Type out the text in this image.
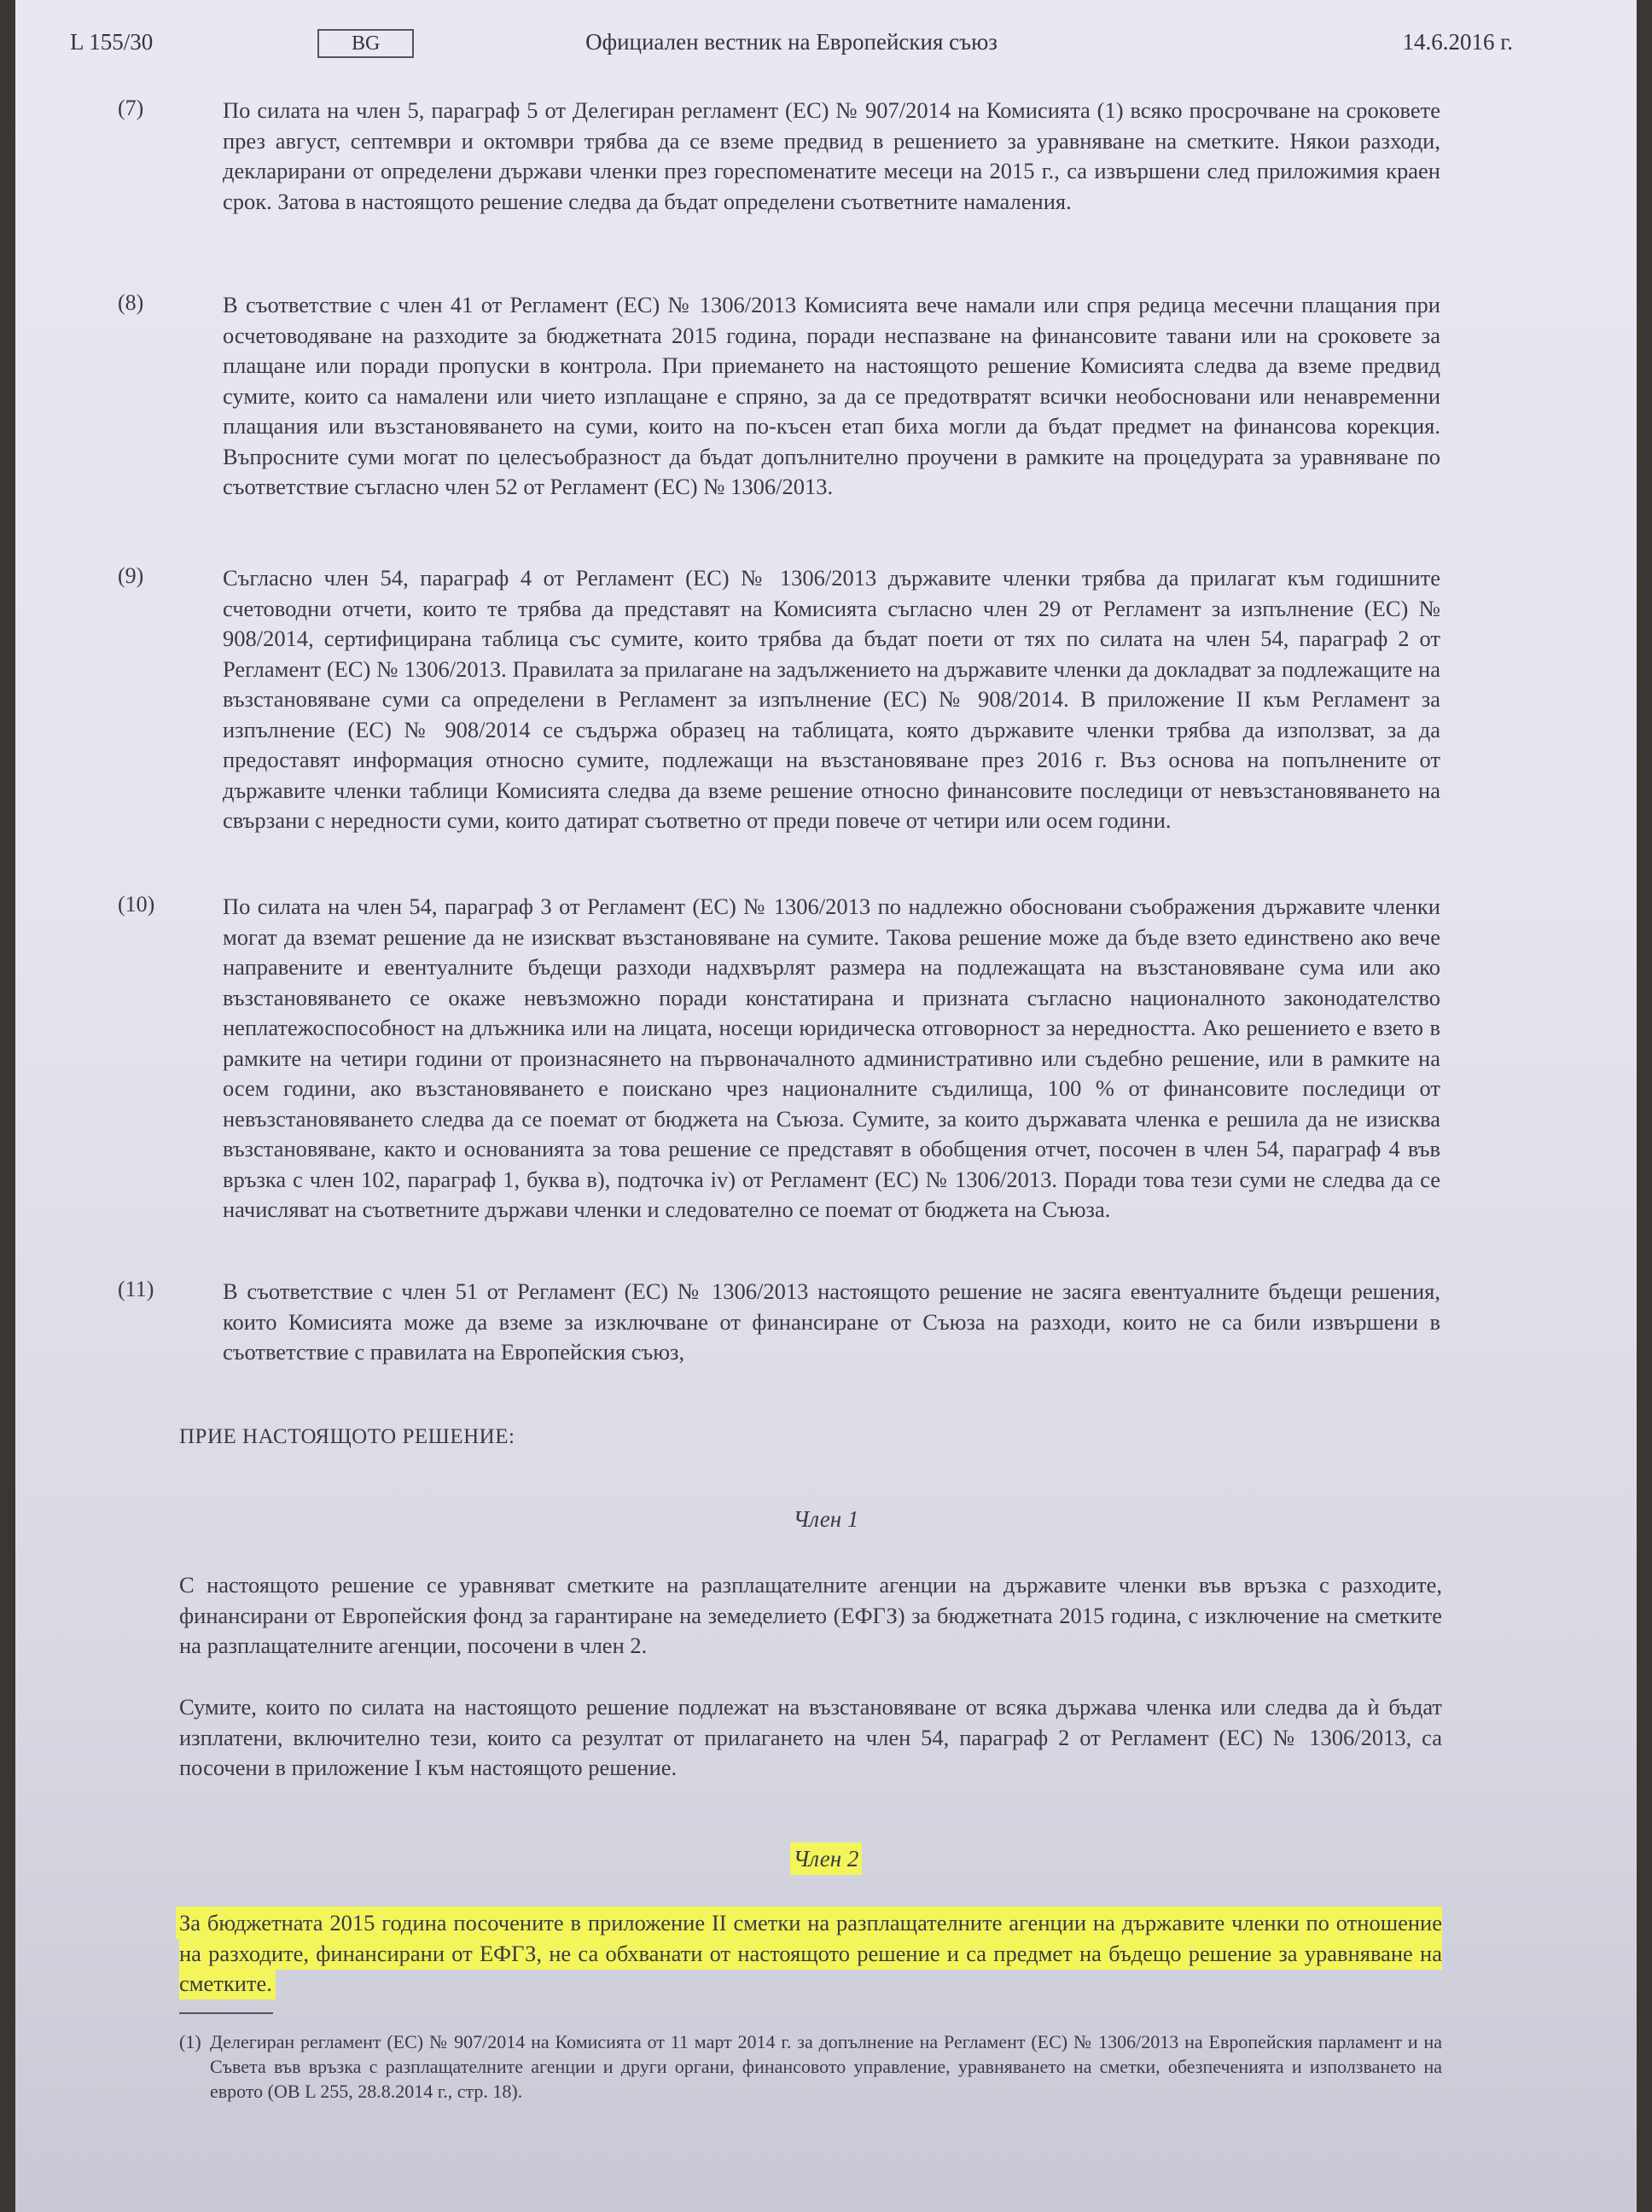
L 155/30	BG	Официален вестник на Европейския съюз	14.6.2016 г.
(7)	По силата на член 5, параграф 5 от Делегиран регламент (ЕС) № 907/2014 на Комисията (1) всяко просрочване на сроковете през август, септември и октомври трябва да се вземе предвид в решението за уравняване на сметките. Някои разходи, декларирани от определени държави членки през гореспоменатите месеци на 2015 г., са извършени след приложимия краен срок. Затова в настоящото решение следва да бъдат определени съответните намаления.
(8)	В съответствие с член 41 от Регламент (ЕС) № 1306/2013 Комисията вече намали или спря редица месечни плащания при осчетоводяване на разходите за бюджетната 2015 година, поради неспазване на финансовите тавани или на сроковете за плащане или поради пропуски в контрола. При приемането на настоящото решение Комисията следва да вземе предвид сумите, които са намалени или чието изплащане е спряно, за да се предотвратят всички необосновани или ненавременни плащания или възстановяването на суми, които на по-късен етап биха могли да бъдат предмет на финансова корекция. Въпросните суми могат по целесъобразност да бъдат допълнително проучени в рамките на процедурата за уравняване по съответствие съгласно член 52 от Регламент (ЕС) № 1306/2013.
(9)	Съгласно член 54, параграф 4 от Регламент (ЕС) № 1306/2013 държавите членки трябва да прилагат към годишните счетоводни отчети, които те трябва да представят на Комисията съгласно член 29 от Регламент за изпълнение (ЕС) № 908/2014, сертифицирана таблица със сумите, които трябва да бъдат поети от тях по силата на член 54, параграф 2 от Регламент (ЕС) № 1306/2013. Правилата за прилагане на задължението на държавите членки да докладват за подлежащите на възстановяване суми са определени в Регламент за изпълнение (ЕС) № 908/2014. В приложение II към Регламент за изпълнение (ЕС) № 908/2014 се съдържа образец на таблицата, която държавите членки трябва да използват, за да предоставят информация относно сумите, подлежащи на възстановяване през 2016 г. Въз основа на попълнените от държавите членки таблици Комисията следва да вземе решение относно финансовите последици от невъзстановяването на свързани с нередности суми, които датират съответно от преди повече от четири или осем години.
(10)	По силата на член 54, параграф 3 от Регламент (ЕС) № 1306/2013 по надлежно обосновани съображения държавите членки могат да вземат решение да не изискват възстановяване на сумите. Такова решение може да бъде взето единствено ако вече направените и евентуалните бъдещи разходи надхвърлят размера на подлежащата на възстановяване сума или ако възстановяването се окаже невъзможно поради констатирана и призната съгласно националното законодателство неплатежоспособност на длъжника или на лицата, носещи юридическа отговорност за нередността. Ако решението е взето в рамките на четири години от произнасянето на първоначалното административно или съдебно решение, или в рамките на осем години, ако възстановяването е поискано чрез националните съдилища, 100 % от финансовите последици от невъзстановяването следва да се поемат от бюджета на Съюза. Сумите, за които държавата членка е решила да не изисква възстановяване, както и основанията за това решение се представят в обобщения отчет, посочен в член 54, параграф 4 във връзка с член 102, параграф 1, буква в), подточка iv) от Регламент (ЕС) № 1306/2013. Поради това тези суми не следва да се начисляват на съответните държави членки и следователно се поемат от бюджета на Съюза.
(11)	В съответствие с член 51 от Регламент (ЕС) № 1306/2013 настоящото решение не засяга евентуалните бъдещи решения, които Комисията може да вземе за изключване от финансиране от Съюза на разходи, които не са били извършени в съответствие с правилата на Европейския съюз,
ПРИЕ НАСТОЯЩОТО РЕШЕНИЕ:
Член 1
С настоящото решение се уравняват сметките на разплащателните агенции на държавите членки във връзка с разходите, финансирани от Европейския фонд за гарантиране на земеделието (ЕФГЗ) за бюджетната 2015 година, с изключение на сметките на разплащателните агенции, посочени в член 2.
Сумите, които по силата на настоящото решение подлежат на възстановяване от всяка държава членка или следва да ѝ бъдат изплатени, включително тези, които са резултат от прилагането на член 54, параграф 2 от Регламент (ЕС) № 1306/2013, са посочени в приложение I към настоящото решение.
Член 2
За бюджетната 2015 година посочените в приложение II сметки на разплащателните агенции на държавите членки по отношение на разходите, финансирани от ЕФГЗ, не са обхванати от настоящото решение и са предмет на бъдещо решение за уравняване на сметките.
(1) Делегиран регламент (ЕС) № 907/2014 на Комисията от 11 март 2014 г. за допълнение на Регламент (ЕС) № 1306/2013 на Европейския парламент и на Съвета във връзка с разплащателните агенции и други органи, финансовото управление, уравняването на сметки, обезпеченията и използването на еврото (ОВ L 255, 28.8.2014 г., стр. 18).
